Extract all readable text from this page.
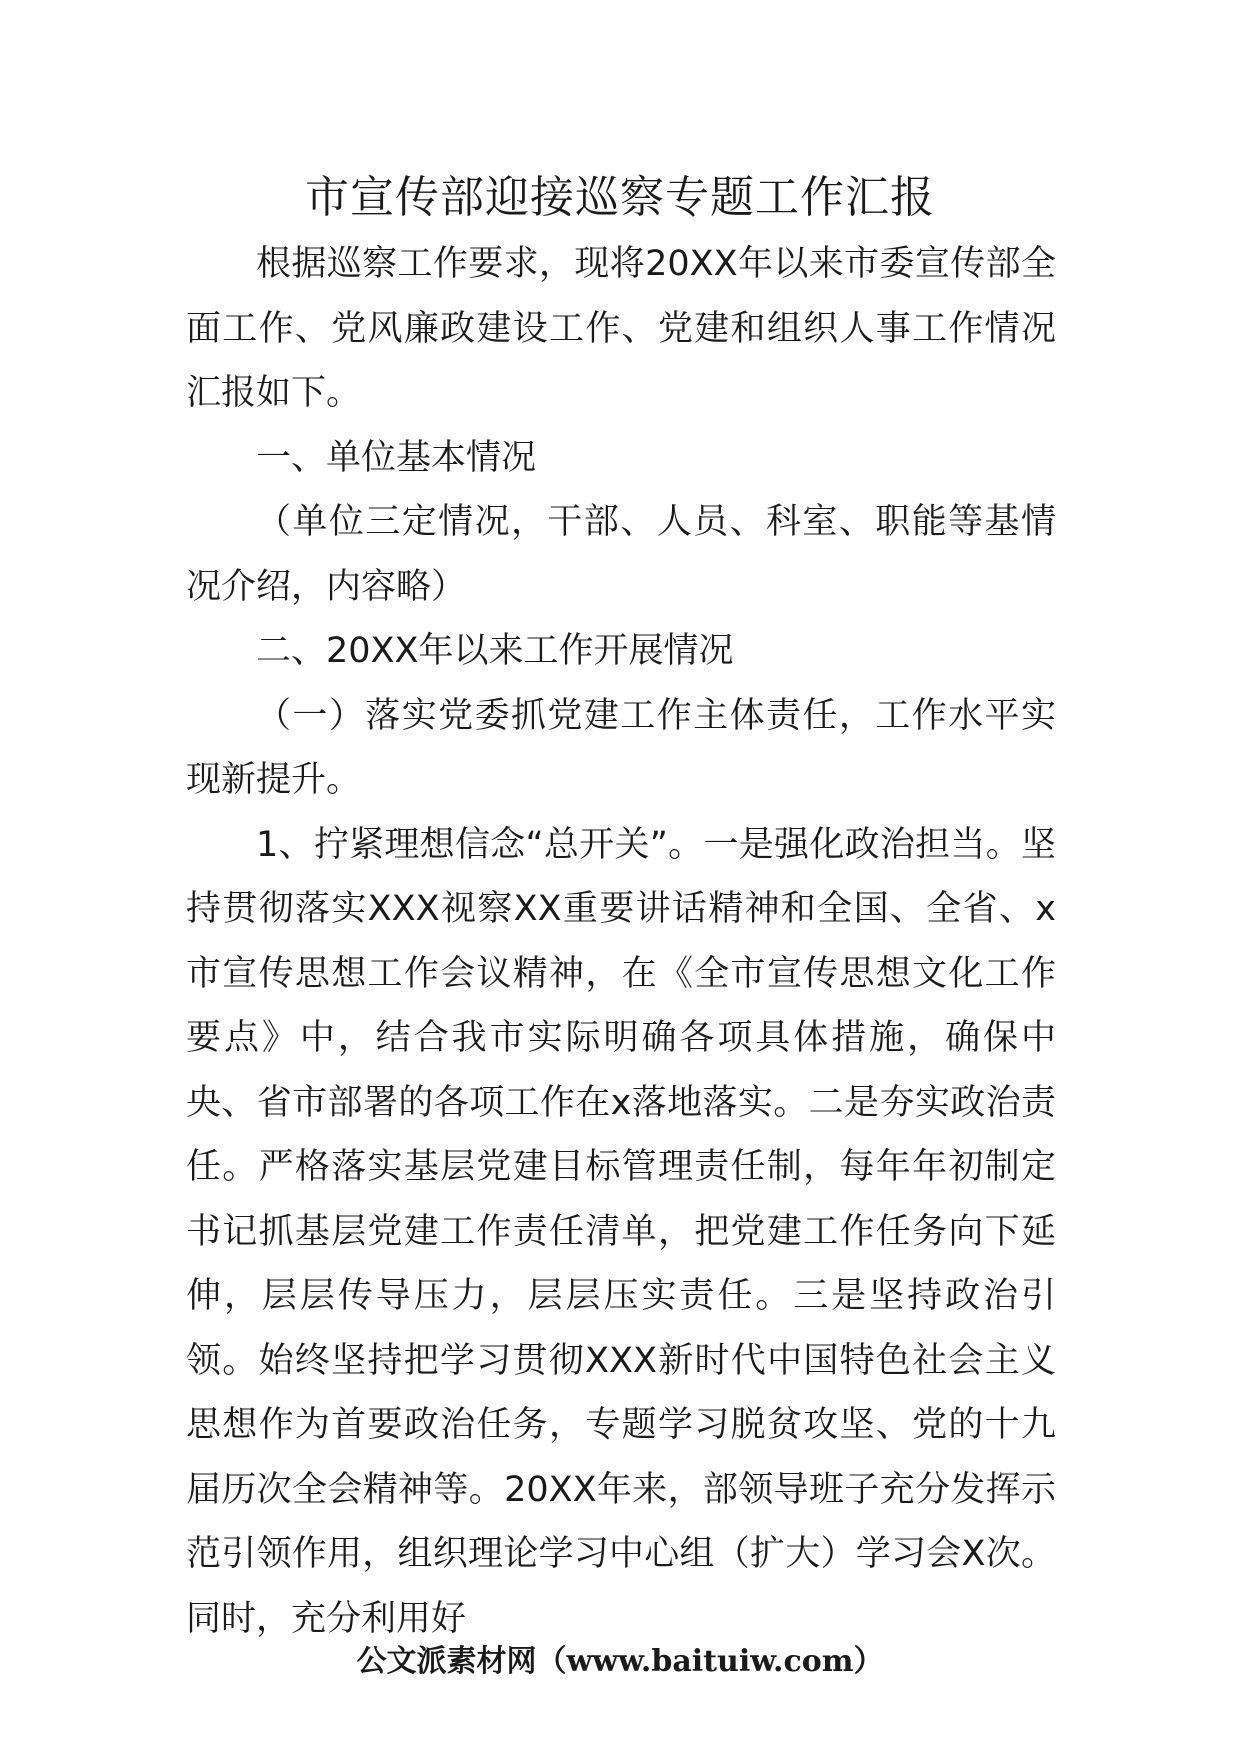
市宣传部迎接巡察专题工作汇报

根据巡察工作要求，现将20XX年以来市委宣传部全面工作、党风廉政建设工作、党建和组织人事工作情况汇报如下。

一、单位基本情况

（单位三定情况，干部、人员、科室、职能等基情况介绍，内容略）

二、20XX年以来工作开展情况

（一）落实党委抓党建工作主体责任，工作水平实现新提升。

1、拧紧理想信念“总开关”。一是强化政治担当。坚持贯彻落实XXX视察XX重要讲话精神和全国、全省、x市宣传思想工作会议精神，在《全市宣传思想文化工作要点》中，结合我市实际明确各项具体措施，确保中央、省市部署的各项工作在x落地落实。二是夯实政治责任。严格落实基层党建目标管理责任制，每年年初制定书记抓基层党建工作责任清单，把党建工作任务向下延伸，层层传导压力，层层压实责任。三是坚持政治引领。始终坚持把学习贯彻XXX新时代中国特色社会主义思想作为首要政治任务，专题学习脱贫攻坚、党的十九届历次全会精神等。20XX年来，部领导班子充分发挥示范引领作用，组织理论学习中心组（扩大）学习会X次。同时，充分利用好

公文派素材网（www.baituiw.com）
